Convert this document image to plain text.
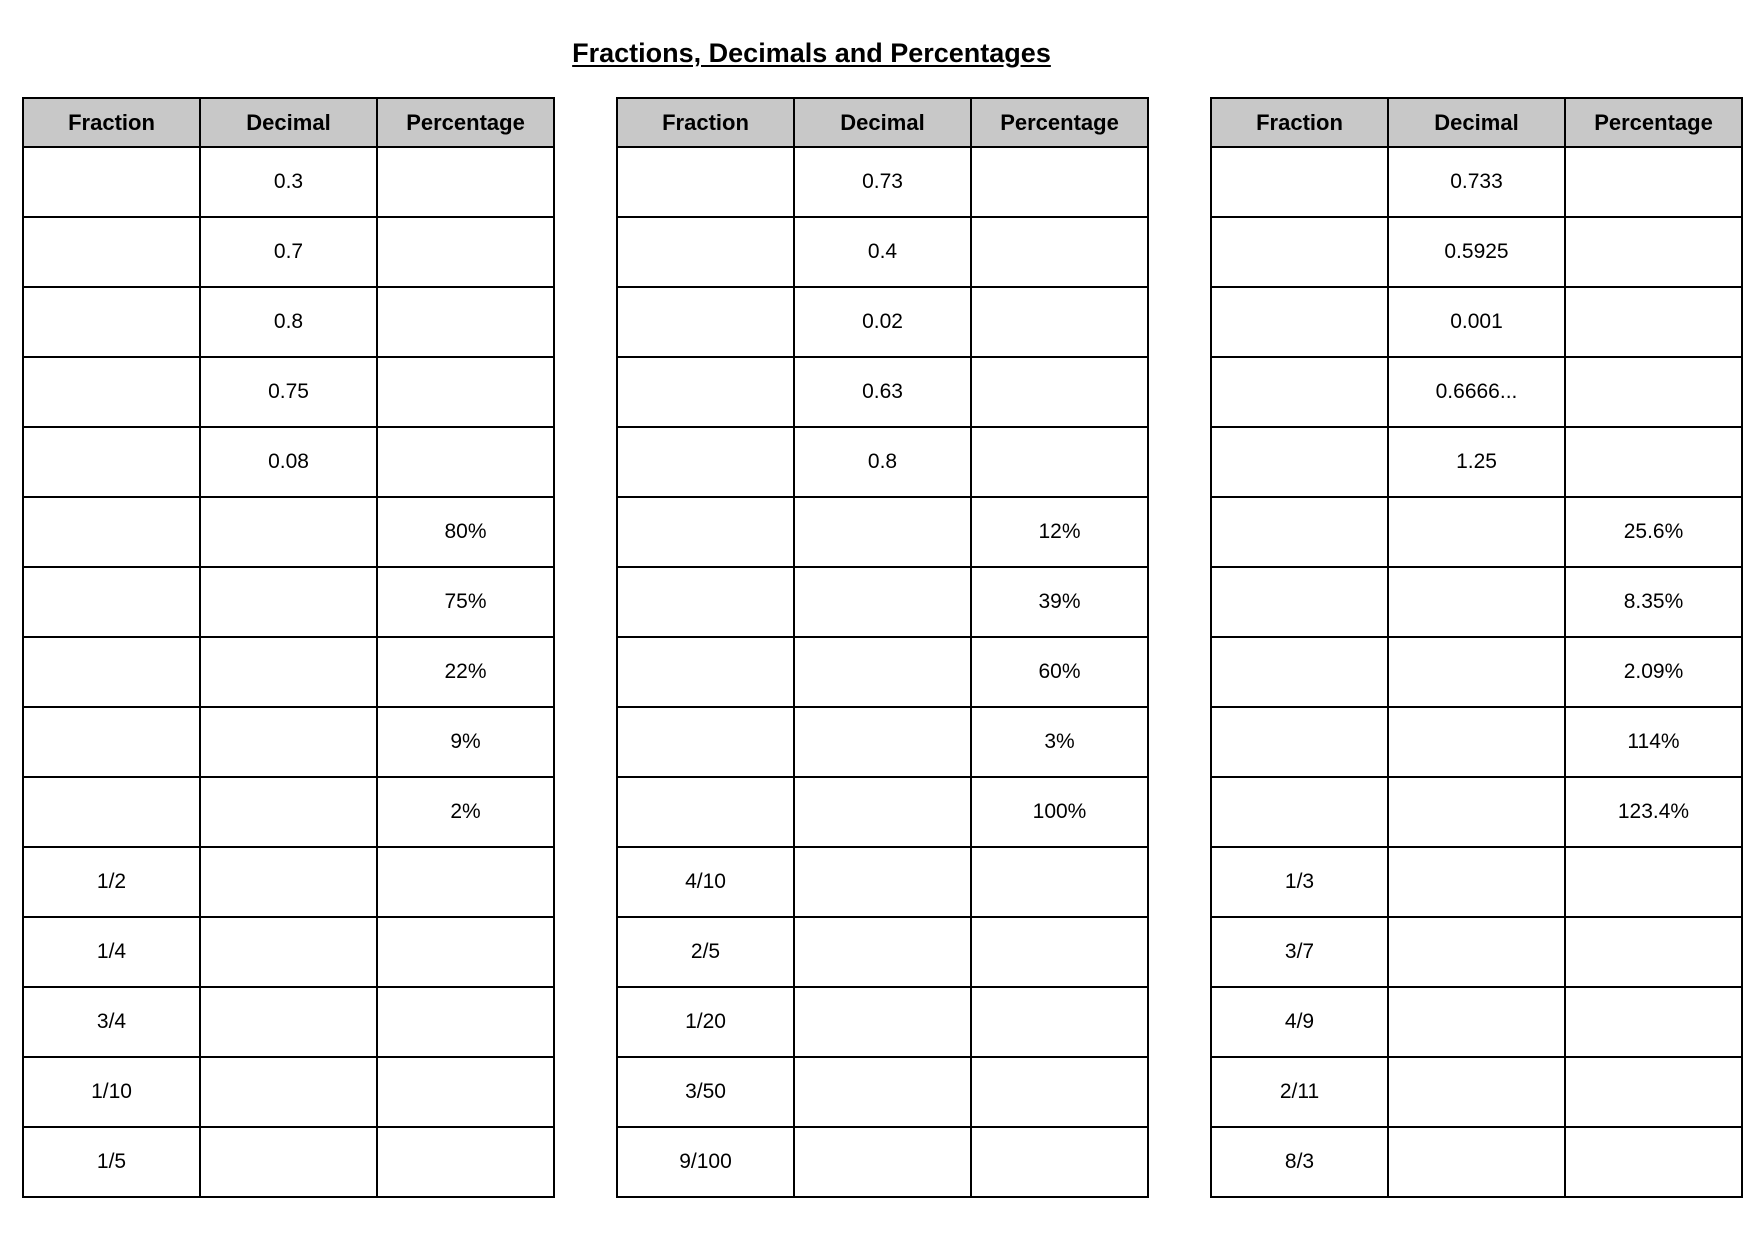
Fractions, Decimals and Percentages
Fraction	Decimal	Percentage
	0.3	
	0.7	
	0.8	
	0.75	
	0.08	
		80%
		75%
		22%
		9%
		2%
1/2		
1/4		
3/4		
1/10		
1/5		
Fraction	Decimal	Percentage
	0.73	
	0.4	
	0.02	
	0.63	
	0.8	
		12%
		39%
		60%
		3%
		100%
4/10		
2/5		
1/20		
3/50		
9/100		
Fraction	Decimal	Percentage
	0.733	
	0.5925	
	0.001	
	0.6666...	
	1.25	
		25.6%
		8.35%
		2.09%
		114%
		123.4%
1/3		
3/7		
4/9		
2/11		
8/3		
